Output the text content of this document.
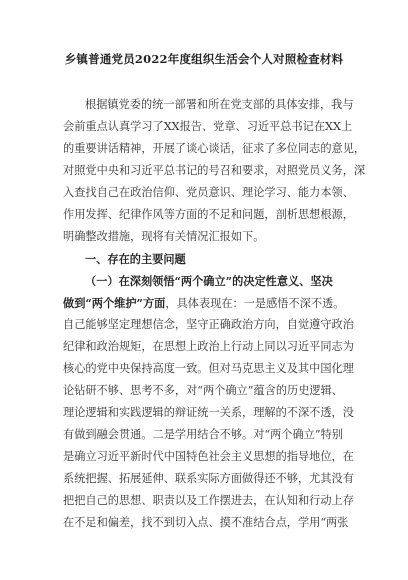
乡镇普通党员2022年度组织生活会个人对照检查材料
根据镇党委的统一部署和所在党支部的具体安排，我与
会前重点认真学习了XX报告、党章、习近平总书记在XX上
的重要讲话精神，开展了谈心谈话，征求了多位同志的意见，
对照党中央和习近平总书记的号召和要求，对照党员义务，深
入查找自己在政治信仰、党员意识、理论学习、能力本领、
作用发挥、纪律作风等方面的不足和问题，剖析思想根源，
明确整改措施，现将有关情况汇报如下。
一、存在的主要问题
（一）在深刻领悟“两个确立”的决定性意义、坚决
做到“两个维护”方面，具体表现在：一是感悟不深不透。
自己能够坚定理想信念，坚守正确政治方向，自觉遵守政治
纪律和政治规矩，在思想上政治上行动上同以习近平同志为
核心的党中央保持高度一致。但对马克思主义及其中国化理
论钻研不够、思考不多，对“两个确立”蕴含的历史逻辑、
理论逻辑和实践逻辑的辩证统一关系，理解的不深不透，没
有做到融会贯通。二是学用结合不够。对“两个确立”特别
是确立习近平新时代中国特色社会主义思想的指导地位，在
系统把握、拓展延伸、联系实际方面做得还不够，尤其没有
把把自己的思想、职责以及工作摆进去，在认知和行动上存
在不足和偏差，找不到切入点、摸不准结合点，学用“两张
